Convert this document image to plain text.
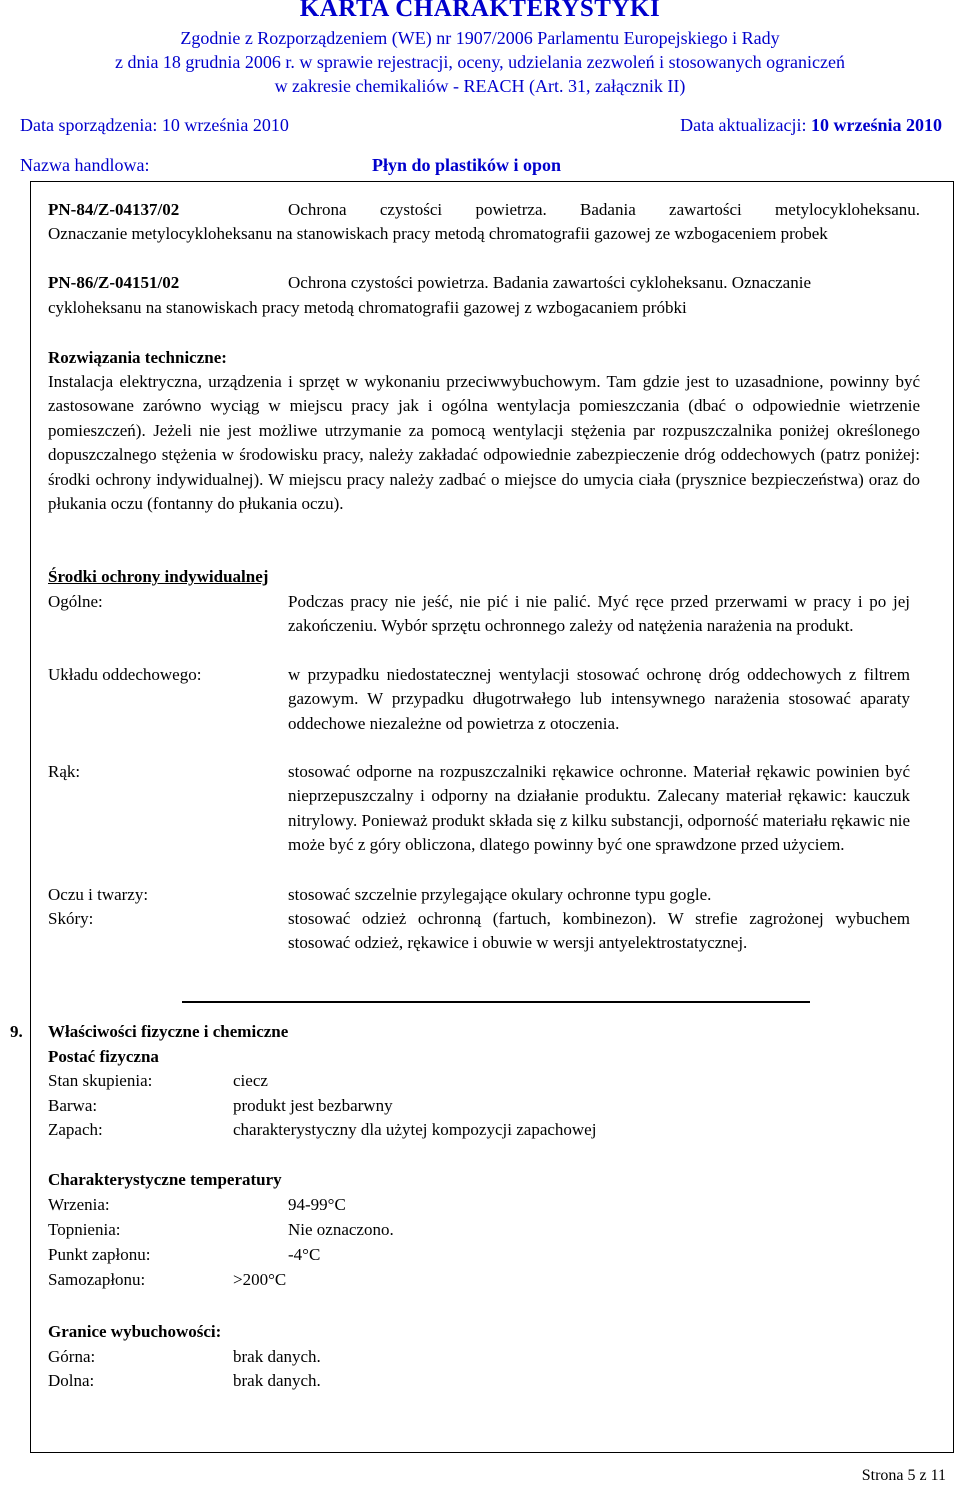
KARTA CHARAKTERYSTYKI
Zgodnie z Rozporządzeniem (WE) nr 1907/2006 Parlamentu Europejskiego i Rady
z dnia 18 grudnia 2006 r. w sprawie rejestracji, oceny, udzielania zezwoleń i stosowanych ograniczeń
w zakresie chemikaliów - REACH (Art. 31, załącznik II)
Data sporządzenia: 10 września 2010	Data aktualizacji: 10 września 2010
Nazwa handlowa:	Płyn do plastików i opon
PN-84/Z-04137/02	Ochrona czystości powietrza. Badania zawartości metylocykloheksanu.
Oznaczanie metylocykloheksanu na stanowiskach pracy metodą chromatografii gazowej ze wzbogaceniem probek
PN-86/Z-04151/02	Ochrona czystości powietrza. Badania zawartości cykloheksanu. Oznaczanie
cykloheksanu na stanowiskach pracy metodą chromatografii gazowej z wzbogacaniem próbki
Rozwiązania techniczne:
Instalacja elektryczna, urządzenia i sprzęt w wykonaniu przeciwwybuchowym. Tam gdzie jest to uzasadnione, powinny być zastosowane zarówno wyciąg w miejscu pracy jak i ogólna wentylacja pomieszczania (dbać o odpowiednie wietrzenie pomieszczeń). Jeżeli nie jest możliwe utrzymanie za pomocą wentylacji stężenia par rozpuszczalnika poniżej określonego dopuszczalnego stężenia w środowisku pracy, należy zakładać odpowiednie zabezpieczenie dróg oddechowych (patrz poniżej: środki ochrony indywidualnej). W miejscu pracy należy zadbać o miejsce do umycia ciała (prysznice bezpieczeństwa) oraz do płukania oczu (fontanny do płukania oczu).
Środki ochrony indywidualnej
Ogólne:	Podczas pracy nie jeść, nie pić i nie palić. Myć ręce przed przerwami w pracy i po jej zakończeniu. Wybór sprzętu ochronnego zależy od natężenia narażenia na produkt.
Układu oddechowego:	w przypadku niedostatecznej wentylacji stosować ochronę dróg oddechowych z filtrem gazowym. W przypadku długotrwałego lub intensywnego narażenia stosować aparaty oddechowe niezależne od powietrza z otoczenia.
Rąk:	stosować odporne na rozpuszczalniki rękawice ochronne. Materiał rękawic powinien być nieprzepuszczalny i odporny na działanie produktu. Zalecany materiał rękawic: kauczuk nitrylowy. Ponieważ produkt składa się z kilku substancji, odporność materiału rękawic nie może być z góry obliczona, dlatego powinny być one sprawdzone przed użyciem.
Oczu i twarzy:	stosować szczelnie przylegające okulary ochronne typu gogle.
Skóry:	stosować odzież ochronną (fartuch, kombinezon). W strefie zagrożonej wybuchem stosować odzież, rękawice i obuwie w wersji antyelektrostatycznej.
9. Właściwości fizyczne i chemiczne
Postać fizyczna
Stan skupienia:	ciecz
Barwa:	produkt jest bezbarwny
Zapach:	charakterystyczny dla użytej kompozycji zapachowej
Charakterystyczne temperatury
Wrzenia:	94-99°C
Topnienia:	Nie oznaczono.
Punkt zapłonu:	-4°C
Samozapłonu:	>200°C
Granice wybuchowości:
Górna:	brak danych.
Dolna:	brak danych.
Strona 5 z 11
